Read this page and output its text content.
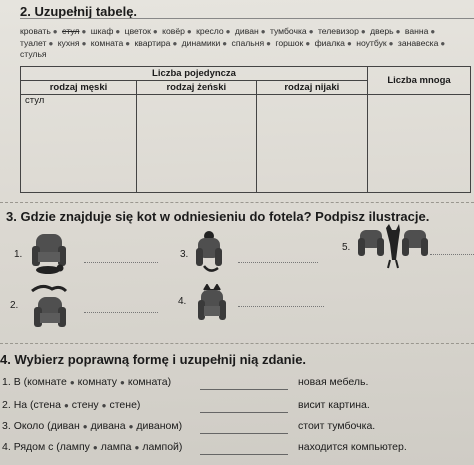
2. Uzupełnij tabelę.
кровать ● стул ● шкаф ● цветок ● ковёр ● кресло ● диван ● тумбочка ● телевизор ● дверь ● ванна ● туалет ● кухня ● комната ● квартира ● динамики ● спальня ● горшок ● фиалка ● ноутбук ● занавеска ● стулья
Liczba pojedyncza			Liczba mnoga
rodzaj męski	rodzaj żeński	rodzaj nijaki	
стул			
3. Gdzie znajduje się kot w odniesieniu do fotela? Podpisz ilustracje.
1.
2.
3.
4.
5.
4. Wybierz poprawną formę i uzupełnij nią zdanie.
1. В (комнате ● комнату ● комната)	новая мебель.
2. На (стена ● стену ● стене)	висит картина.
3. Около (диван ● дивана ● диваном)	стоит тумбочка.
4. Рядом с (лампу ● лампа ● лампой)	находится компьютер.
